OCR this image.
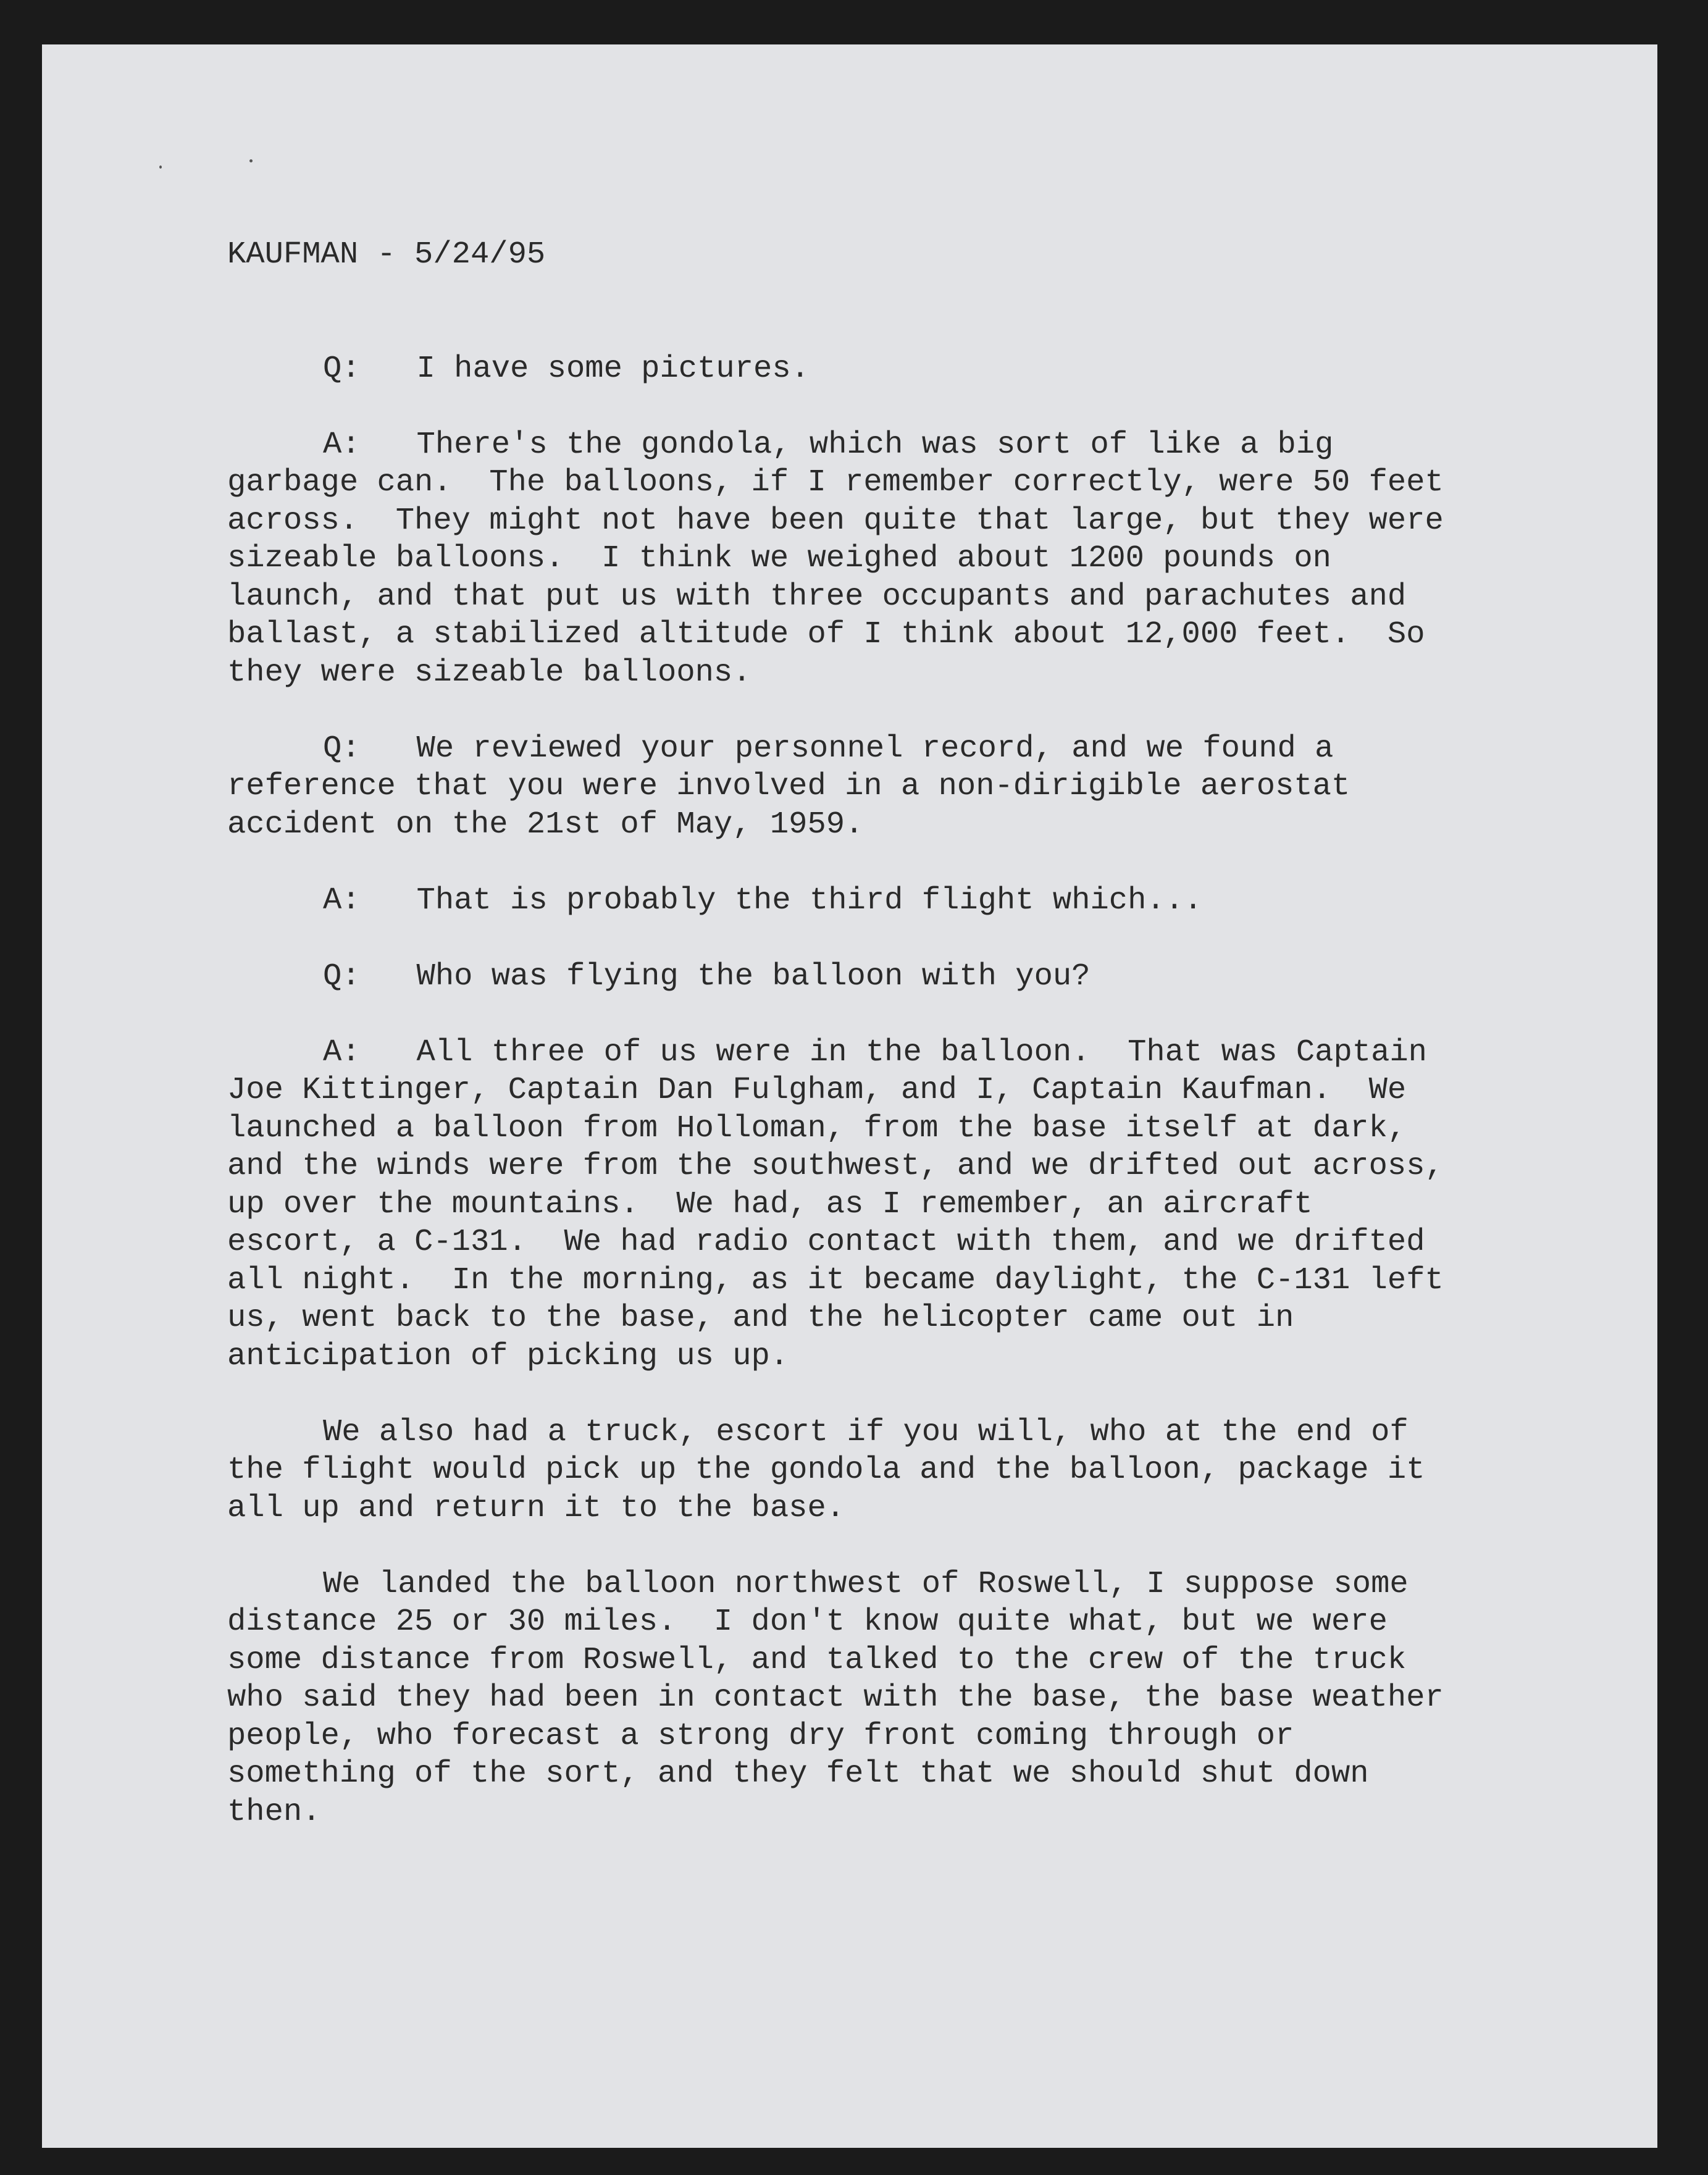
KAUFMAN - 5/24/95
Q:   I have some pictures.
A:   There's the gondola, which was sort of like a big
garbage can.  The balloons, if I remember correctly, were 50 feet
across.  They might not have been quite that large, but they were
sizeable balloons.  I think we weighed about 1200 pounds on
launch, and that put us with three occupants and parachutes and
ballast, a stabilized altitude of I think about 12,000 feet.  So
they were sizeable balloons.
Q:   We reviewed your personnel record, and we found a
reference that you were involved in a non-dirigible aerostat
accident on the 21st of May, 1959.
A:   That is probably the third flight which...
Q:   Who was flying the balloon with you?
A:   All three of us were in the balloon.  That was Captain
Joe Kittinger, Captain Dan Fulgham, and I, Captain Kaufman.  We
launched a balloon from Holloman, from the base itself at dark,
and the winds were from the southwest, and we drifted out across,
up over the mountains.  We had, as I remember, an aircraft
escort, a C-131.  We had radio contact with them, and we drifted
all night.  In the morning, as it became daylight, the C-131 left
us, went back to the base, and the helicopter came out in
anticipation of picking us up.
We also had a truck, escort if you will, who at the end of
the flight would pick up the gondola and the balloon, package it
all up and return it to the base.
We landed the balloon northwest of Roswell, I suppose some
distance 25 or 30 miles.  I don't know quite what, but we were
some distance from Roswell, and talked to the crew of the truck
who said they had been in contact with the base, the base weather
people, who forecast a strong dry front coming through or
something of the sort, and they felt that we should shut down
then.
